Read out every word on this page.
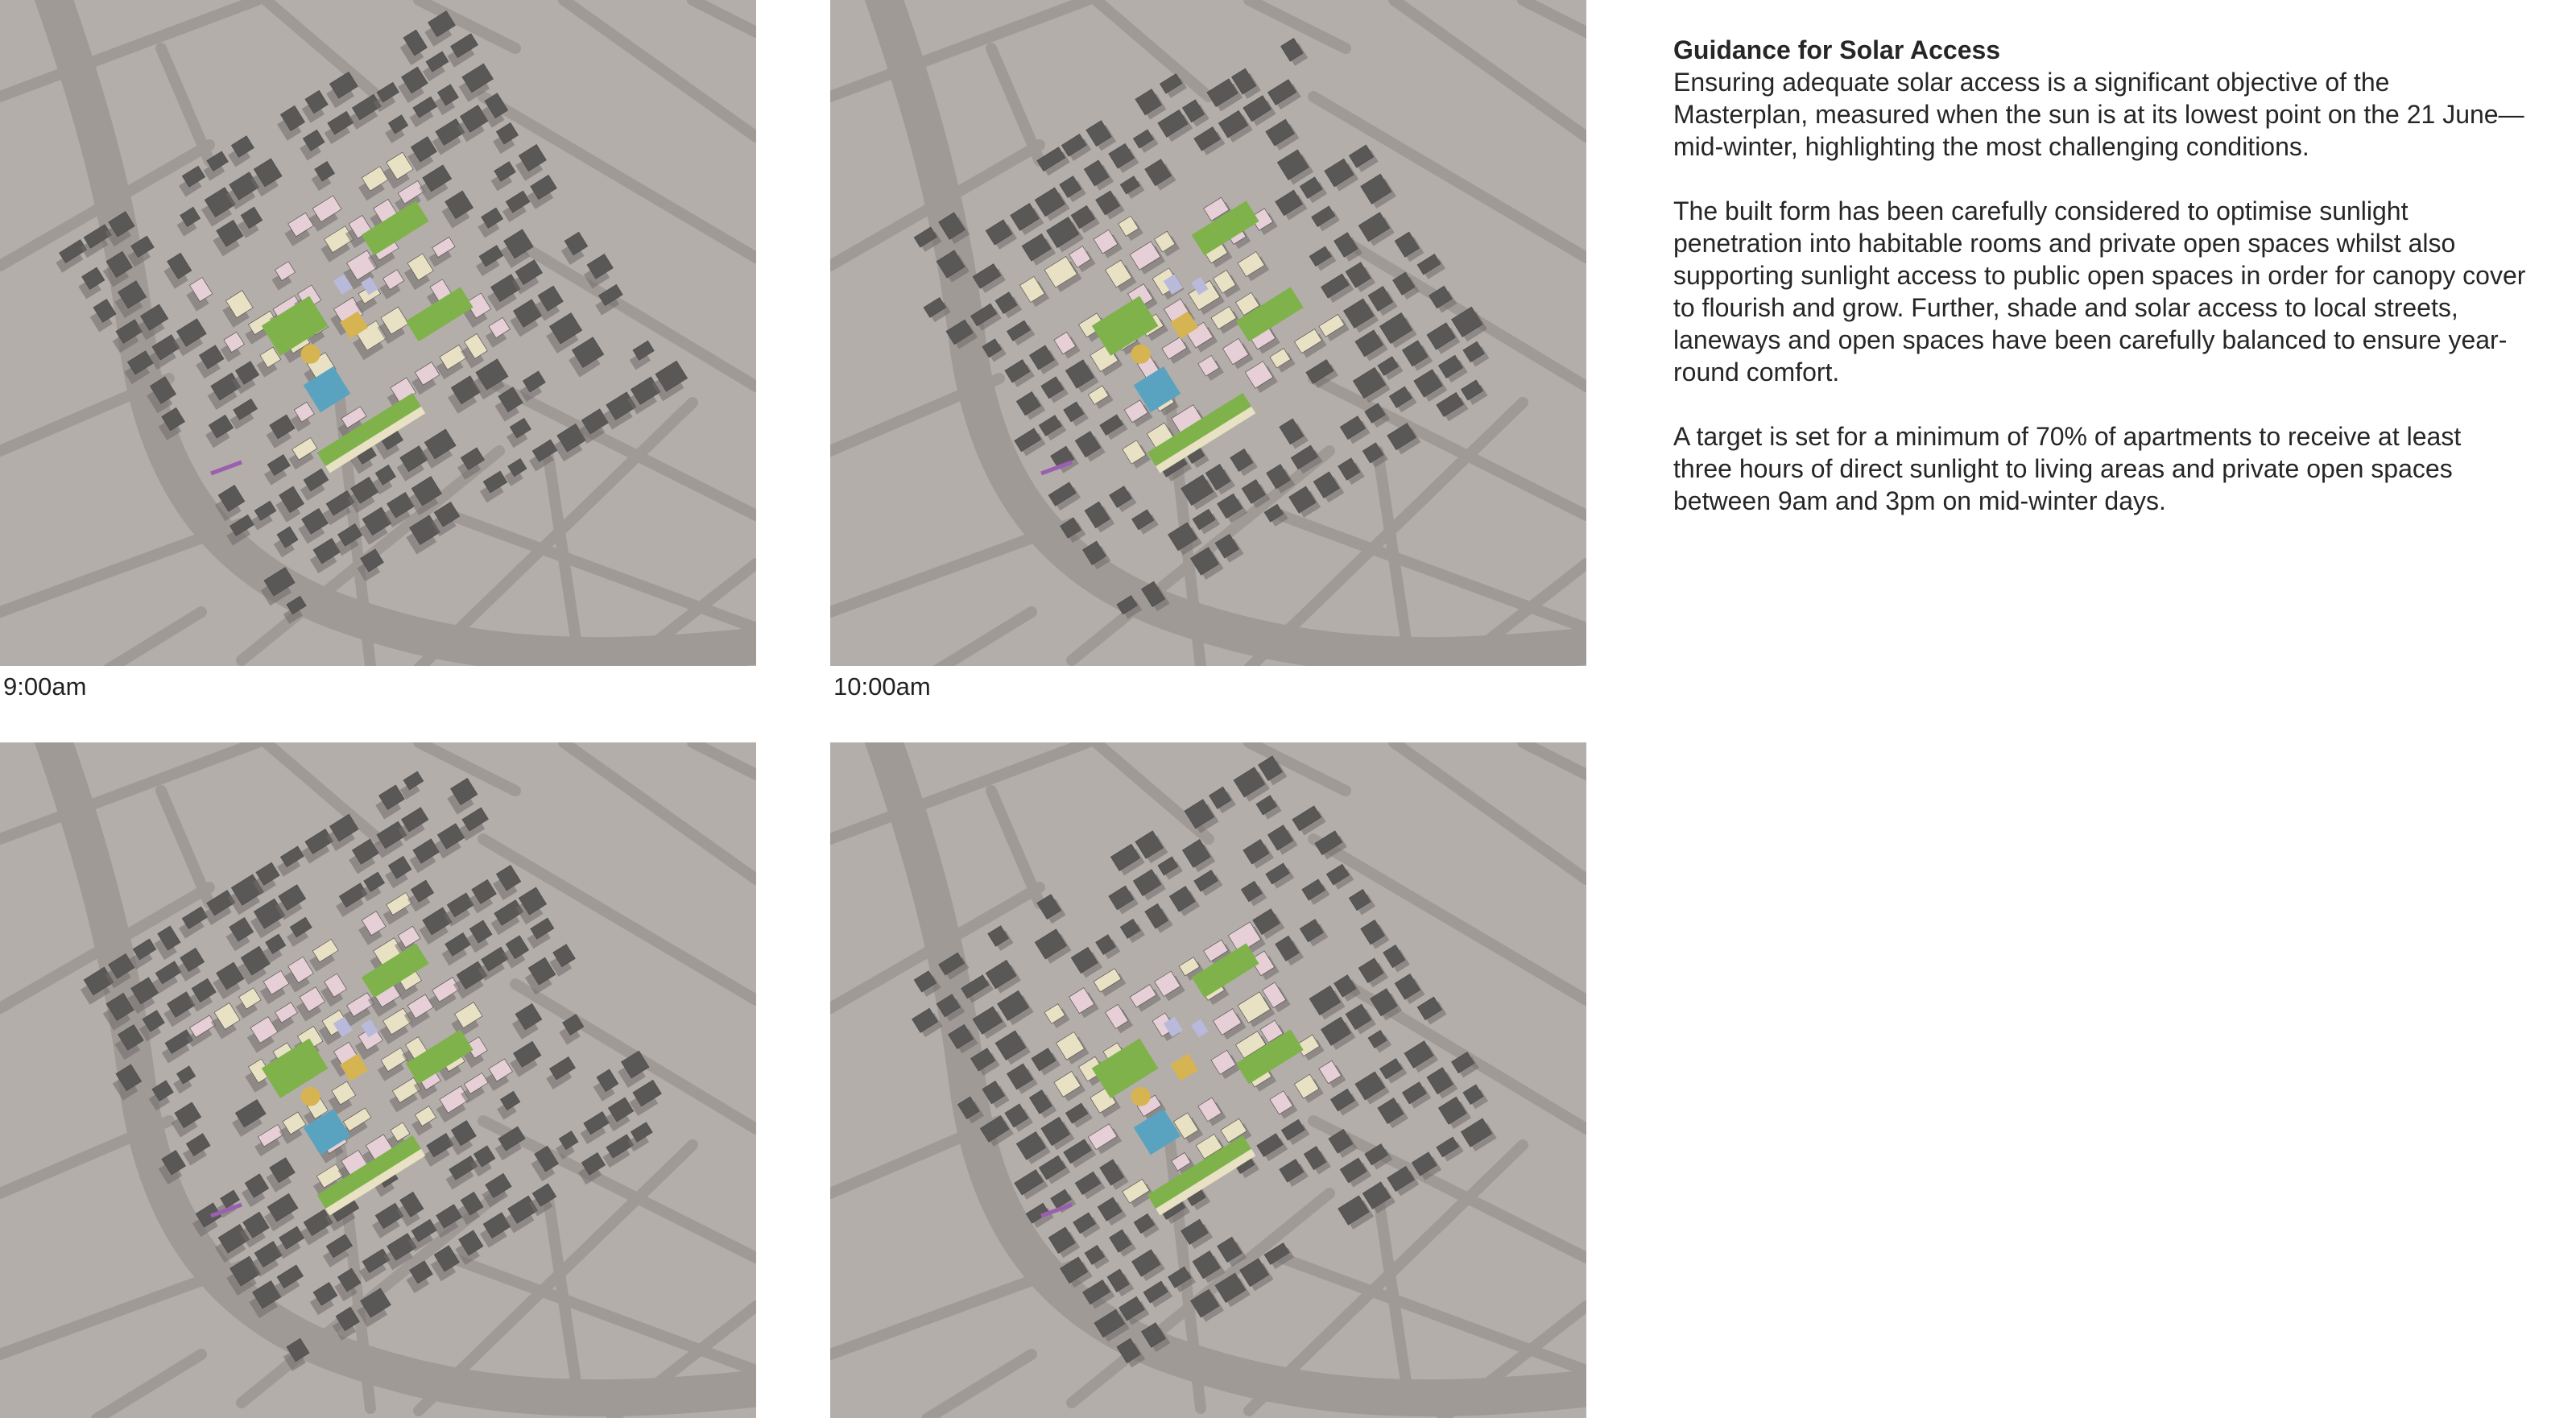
9:00am	10:00am
Guidance for Solar Access

Ensuring adequate solar access is a significant objective of the Masterplan, measured when the sun is at its lowest point on the 21 June—mid-winter, highlighting the most challenging conditions.

The built form has been carefully considered to optimise sunlight penetration into habitable rooms and private open spaces whilst also supporting sunlight access to public open spaces in order for canopy cover to flourish and grow. Further, shade and solar access to local streets, laneways and open spaces have been carefully balanced to ensure year-round comfort.

A target is set for a minimum of 70% of apartments to receive at least three hours of direct sunlight to living areas and private open spaces between 9am and 3pm on mid-winter days.
